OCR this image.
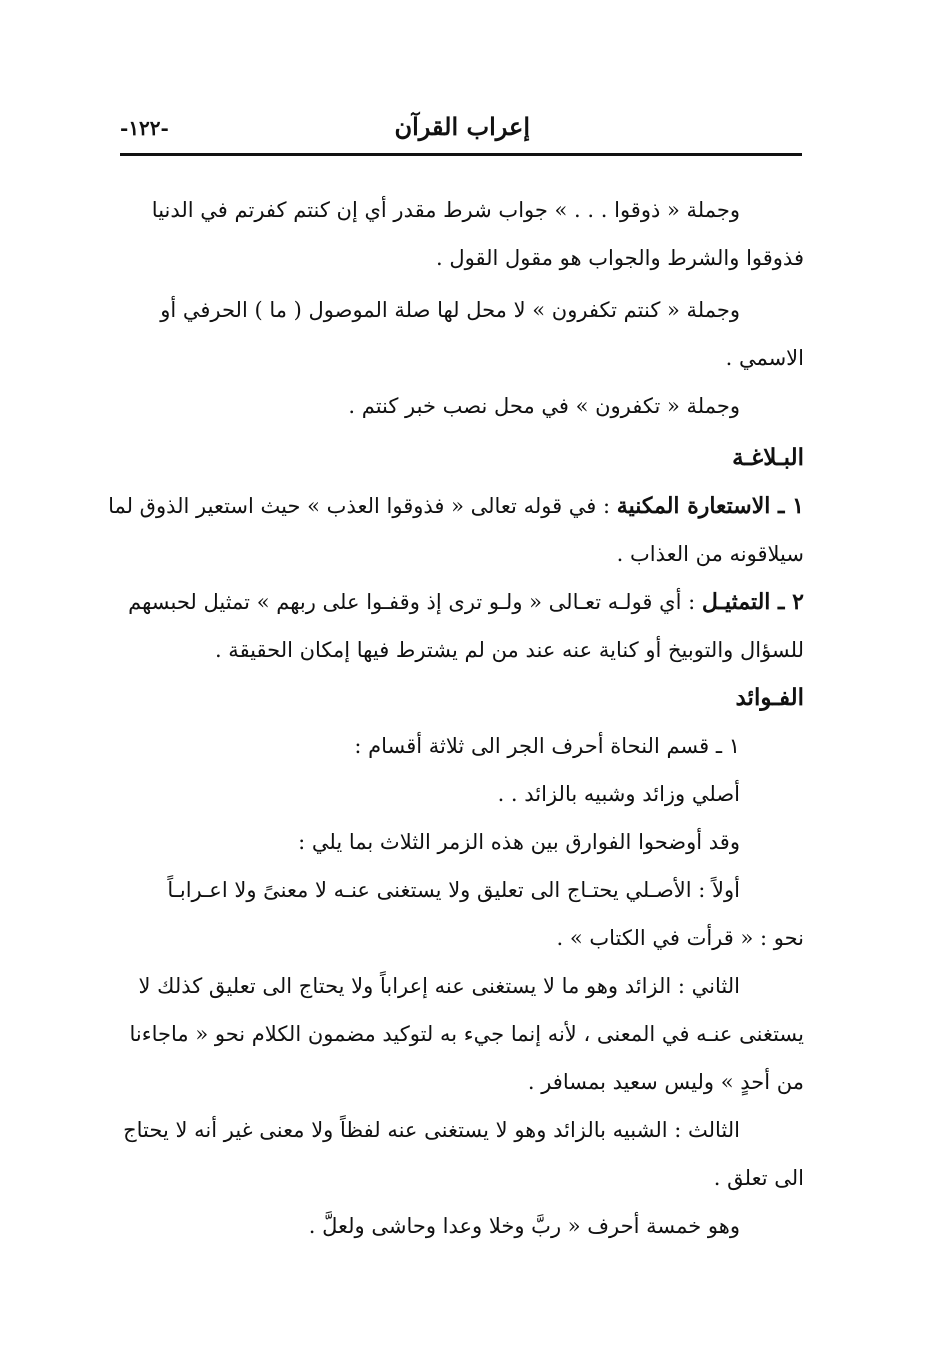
إعراب القرآن
-١٢٢-

وجملة « ذوقوا . . . » جواب شرط مقدر أي إن كنتم كفرتم في الدنيا

فذوقوا والشرط والجواب هو مقول القول .

وجملة « كنتم تكفرون » لا محل لها صلة الموصول ( ما ) الحرفي أو

الاسمي .

وجملة « تكفرون » في محل نصب خبر كنتم .

البـلاغـة

١ ـ الاستعارة المكنية : في قوله تعالى « فذوقوا العذب » حيث استعير الذوق لما

سيلاقونه من العذاب .

٢ ـ التمثيـل : أي قولـه تعـالى « ولـو ترى إذ وقفـوا على ربهم » تمثيل لحبسهم

للسؤال والتوبيخ أو كناية عنه عند من لم يشترط فيها إمكان الحقيقة .

الفـوائد

١ ـ قسم النحاة أحرف الجر الى ثلاثة أقسام :

أصلي وزائد وشبيه بالزائد . .

وقد أوضحوا الفوارق بين هذه الزمر الثلاث بما يلي :

أولاً : الأصـلي يحتـاج الى تعليق ولا يستغنى عنـه لا معنىً ولا اعـرابـاً

نحو : « قرأت في الكتاب » .

الثاني : الزائد وهو ما لا يستغنى عنه إعراباً ولا يحتاج الى تعليق كذلك لا

يستغنى عنـه في المعنى ، لأنه إنما جيء به لتوكيد مضمون الكلام نحو « ماجاءنا

من أحدٍ » وليس سعيد بمسافر .

الثالث : الشبيه بالزائد وهو لا يستغنى عنه لفظاً ولا معنى غير أنه لا يحتاج

الى تعلق .

وهو خمسة أحرف « ربَّ وخلا وعدا وحاشى ولعلَّ .
